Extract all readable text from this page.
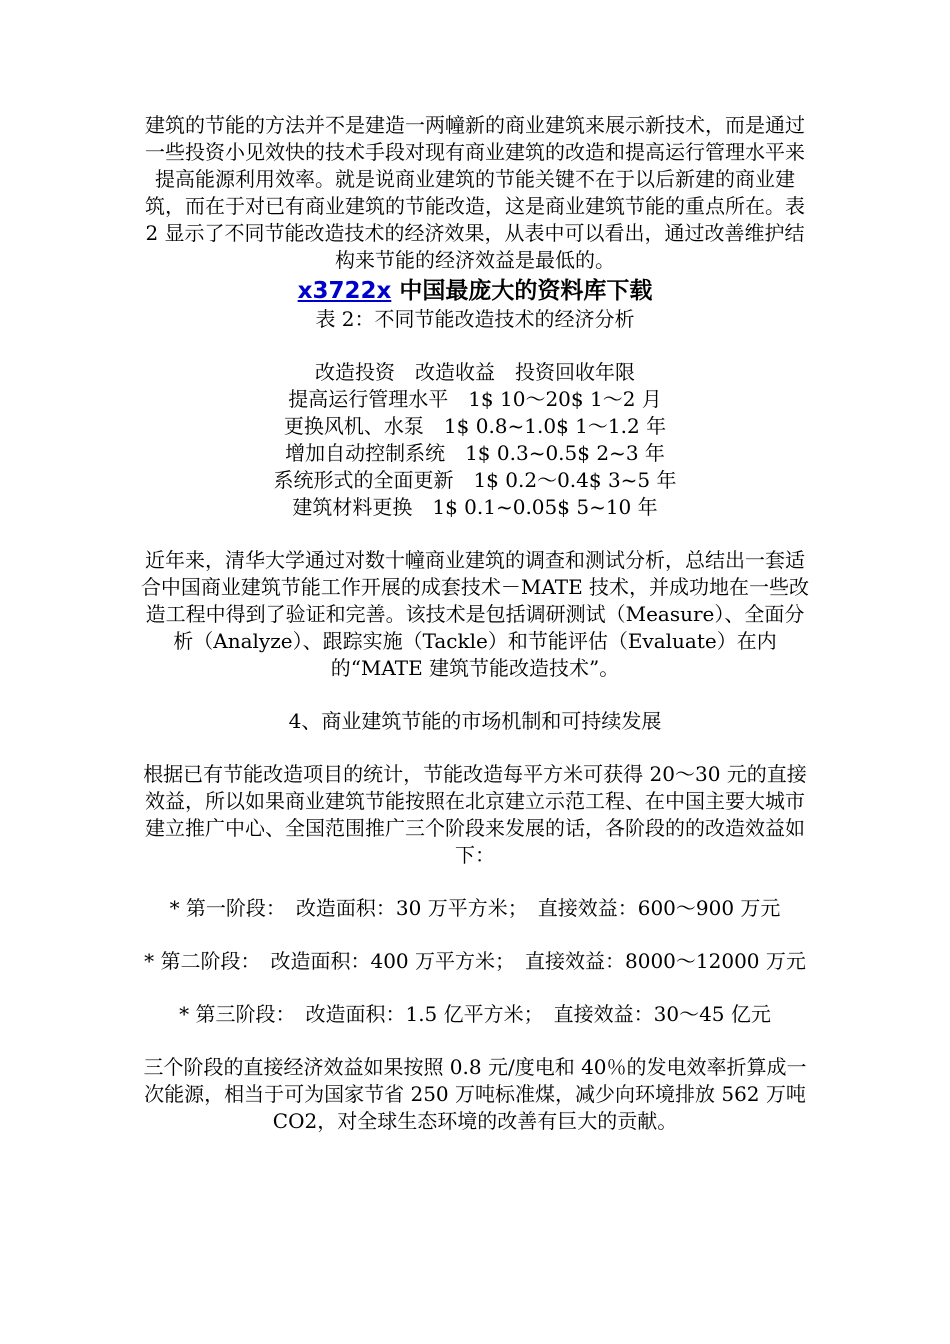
建筑的节能的方法并不是建造一两幢新的商业建筑来展示新技术，而是通过一些投资小见效快的技术手段对现有商业建筑的改造和提高运行管理水平来提高能源利用效率。就是说商业建筑的节能关键不在于以后新建的商业建筑，而在于对已有商业建筑的节能改造，这是商业建筑节能的重点所在。表 2 显示了不同节能改造技术的经济效果，从表中可以看出，通过改善维护结构来节能的经济效益是最低的。

x3722x 中国最庞大的资料库下载

表 2：不同节能改造技术的经济分析

改造投资　改造收益　投资回收年限

提高运行管理水平　1$ 10～20$ 1～2 月

更换风机、水泵　1$ 0.8~1.0$ 1～1.2 年

增加自动控制系统　1$ 0.3~0.5$ 2~3 年

系统形式的全面更新　1$ 0.2～0.4$ 3~5 年

建筑材料更换　1$ 0.1~0.05$ 5~10 年

近年来，清华大学通过对数十幢商业建筑的调查和测试分析，总结出一套适合中国商业建筑节能工作开展的成套技术－MATE 技术，并成功地在一些改造工程中得到了验证和完善。该技术是包括调研测试（Measure）、全面分析（Analyze）、跟踪实施（Tackle）和节能评估（Evaluate）在内的“MATE 建筑节能改造技术”。

4、商业建筑节能的市场机制和可持续发展

根据已有节能改造项目的统计，节能改造每平方米可获得 20～30 元的直接效益，所以如果商业建筑节能按照在北京建立示范工程、在中国主要大城市建立推广中心、全国范围推广三个阶段来发展的话，各阶段的的改造效益如下：

* 第一阶段：　改造面积：30 万平方米；　直接效益：600～900 万元

* 第二阶段：　改造面积：400 万平方米；　直接效益：8000～12000 万元

* 第三阶段：　改造面积：1.5 亿平方米；　直接效益：30～45 亿元

三个阶段的直接经济效益如果按照 0.8 元/度电和 40％的发电效率折算成一次能源，相当于可为国家节省 250 万吨标准煤，减少向环境排放 562 万吨 CO2，对全球生态环境的改善有巨大的贡献。
